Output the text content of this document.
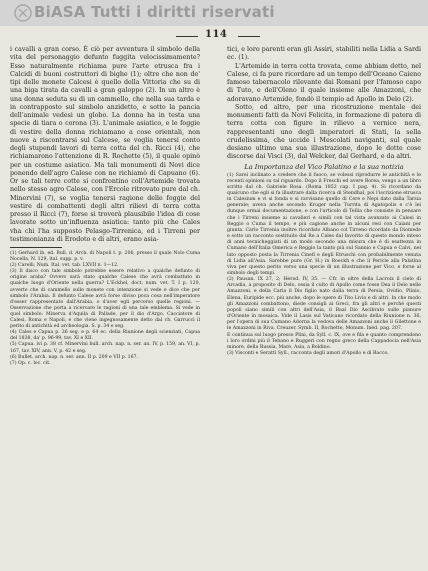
BiASA Tutti i diritti riservati
114

i cavalli a gran corso. È ciò per avventura il simbolo della vita del personaggio defunto fuggita velocissimamente? Esso naturalmente richiama pure l'arte etrusca fra i Calcidi di buoni costruttori di bighe (1); oltre che non de' tipi delle monete Calcesi è quello della Vittoria che su di una biga tirata da cavalli a gran galoppo (2). In un altro è una donna seduta su di un cammello, che nella sua tarda e in contrapposto sul simbolo anzidetto, e sotto la pancia dell'animale vedesi un globo. La donna ha in testa una specie di tiara o corona (3). L'animale asiatico, e le foggie di vestire della donna richiamano a cose orientali, non nuove a riscontrarsi sul Calcese, se voglia tenersi conto degli stupendi lavori di terra cotta del ch. Ricci (4), che richiamarono l'attenzione di R. Rochette (5), il quale opinò per un costume asiatico. Ma tali monumenti di Novi dice ponendo dell'agro Calese con ne richiamò di Capuano (6). Or se tali terre cotte si confrontino coll'Artemide trovata nello stesso agro Calese, con l'Ercole ritrovato pure dal ch. Minervini (7), se voglia tenersi ragione delle foggie del vestire di combattenti degli altri rilievi di terra cotta presso il Ricci (7), forse si troverà plausibile l'idea di cose lavorate sotto un'influenza asiatica: tanto più che Cales vha chi l'ha supposto Pelasgo-Tirrenica, ed i Tirreni per testimonianza di Erodoto e di altri, erano asia-

(1) Gerhard ib. ed. Bull. d. Arch. di Napoli t. p. 206, presso il quale Nolo Cuma Nocella, N. 129, ital. supp. p. v.
(2) Carelli, Num. Ital. vet. tab. LXVII n. 1—12.
(3) Il disco con tale simbolo potrebbe essere relativo a qualche defunto di origine araba? Ovvero sarà stato qualche Calese che avrà combattuto in qualche luogo d'Oriente nella guerra? L'Eckhel, doct. num. vet. T. I p. 120, avverte che di cammello sulle monete con intenzione si vede e dice che per simbolo l'Arabia. Il defunto Calese avrà forse diviso poca cosa nell'imperatore d'esser rappresentato dall'Arabia, o d'aver egli percorso quelle regioni. — Osservazione che porta a ricercare le ragioni di una tale emblema. Si vede in quel simbolo: Minerva d'Aquila di Pallade, per il dio d'Argo, Cacciatore di Calesi, Roma e Napoli, e che viene ingegnosamente detto dal ch. Garrucci il perito di antichità ed archeologia. S. p. 34 e seg.
(4) Cales e Capua p. 36 seg. e p. 64 ec. della Riunione degli scienziati, Capua del 1838, da' p. 96-99, tav. XI e XII.
(5) Capua. ivi p. 38 cf. Minervini bull. arch. nap. n. ser. an. IV, p. 159, an. VI, p. 167, tav. XIV, ann. V, p. 42 e seg.
(6) Bullet. arch. nap. n. ser. ann. II p. 209 e VII p. 167.
(7) Op. c. loc. cit.

tici, e loro parenti eran gli Assiri, stabiliti nella Lidia a Sardi ec. (1).

L'Artemide in terra cotta trovata, come abbiam detto, nel Calese, ci fa pure ricordare ad un tempo dell'Oceano Caieno famoso tabernacolo rilevante dai Romani per l'famoso capo di Tuto, e dell'Oleno il quale insieme alle Amazzoni, che adoravano Artemide, fondò il tempio ad Apollo in Delo (2).

Sotto, ed altro, per una ricostruzione mentale dei monumenti fatti da Novi Felicita, in formazione di patera di terra cotta con figure in rilievo a vernice nera, rappresentanti uno degli imperatori di Stati, la sella crudelissima, che uccide i Mescolati naviganti, sul quale desiano ultimo una sua illustrazione, dopo le dotte cose discorse dai Visci (3), dal Welcker, dal Gerhard, e da altri.

La Importanza del Vico Palatino e la sua notizia
(1) Sarei inclinato a credere che il fuoco, se volessi riprodurre le antichità e le recenti opinioni su tal riguardo. Dopo il Freschi ed avere Borea, vengo a un libro scritto dal ch. Gabriele Rosa. (Roma 1852 cap. I pag. 4). Si ricordano da qualcuno che egli si fa illustrare dalla ricerca di Stendhal, poi l'iscrizione etrusca in Calesium e vi si fonda e si ravvisano quello di Cere e Nepi dato dalla Tarsia generale; aveva anche secondo Kruger nella Turrita di Agatopolis e c'è lei dunque ormai documentazione, e con l'articolo di Tellia che consiste in pensare che i Tirreni insieme ai cavalieri e simili con tal vista avanzato ai Calesi in Reggio o Cuma il tempo, e più cagione anche in alcuni resi con Caiani per giunta. Carlo Tirrenia inoltre ricordato Albano col Tirreno ricordato da Diomede e sotto un racconto sostituito dal Re a Cales dal favorito di questo mondo inteso di anni tecnicheggiati di un modo secondo una misura che è di esattezza in Cumano dell'Italia Omerica e Reggio la tanto più sul Sannio e Capua e Calvi, nel lato opposto posta la Tirrenia Cinefi e degli Etruschi con probabilmente venuta di Lidia all'Asia. Sarebbe pure (Gr. H.) in Boeckh e che il Pericle alla Palatina viva per questo perito verso una specie di un illustrazione per Vico, e forse al simbolo degli tempi.
(2) Pausan. IX 27, 2; Herod. IV, 35. — Cfr. in oltre della Lacroix il cielo di Arcadia, a proposito di Delo, ossia il culto di Apollo come fosse Dea il Delo nelle Amazzoni, e della Caria il Dio figlio nato dalla terra di Persia, Ovidio, Plinio, Elena, Euripide ecc. più anche, dopo le opere di Tito Livio e di altri. In che modo gli Amazzoni combattono, diede consigli ai Greci, fra gli altri e perché questi popoli siano simili con altri dell'Asia, il Baal Dio Ascibrato sulle pianure d'Oriente in mosaica. Vide il Lasis sul Vaticano ricordato della Riunione n. 36, per l'opera di sua Cumano Adorna la vedova delle Amazzoni anche il Gilettone e le Amazzoni in Riva. Creuzer, Symb. II, Rochette, Monum. Inéd. pag. 207.
E continua sul luogo presso Plini, da Syll. c. IX, ove e fila e quanto comprendono i loro ordini più il Tebano e Ruggeri con regno greco della Cappadocia nell'Asia minore, della Russia, Mare, Asia, a Boldino.
(3) Visconti e Seratti Syll., racconta degli amori d'Apollo e di Bacco.
